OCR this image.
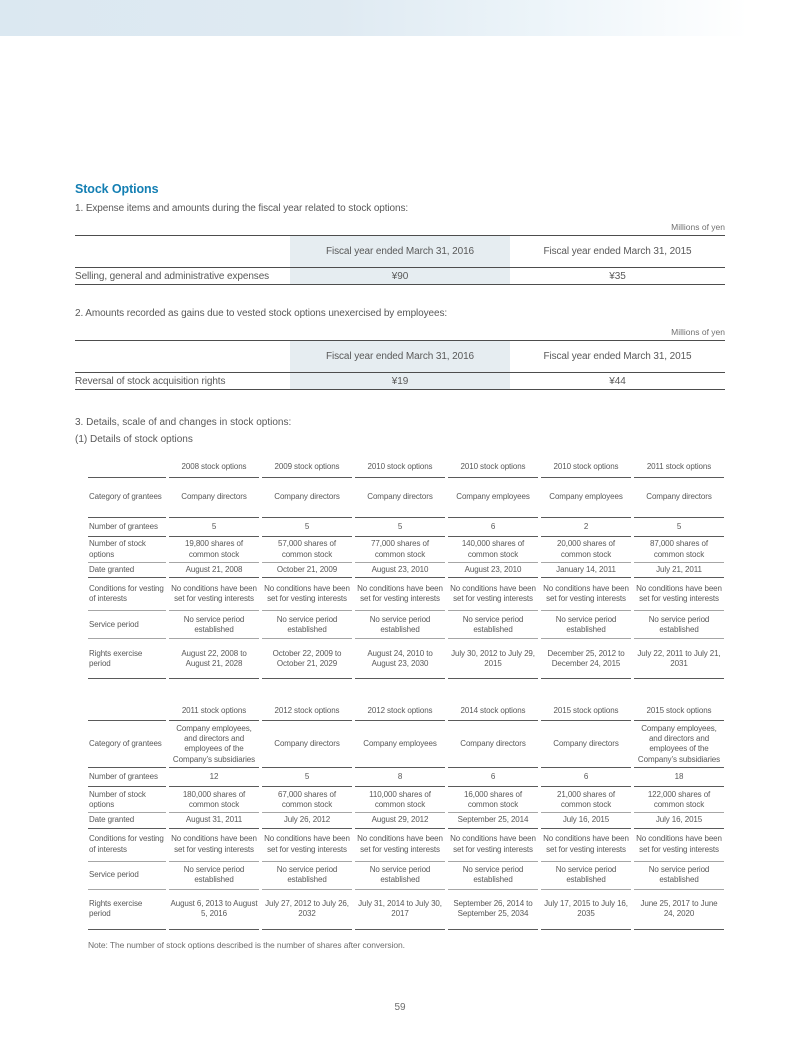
Stock Options

1. Expense items and amounts during the fiscal year related to stock options:

Millions of yen
	Fiscal year ended March 31, 2016	Fiscal year ended March 31, 2015
Selling, general and administrative expenses	¥90	¥35

2. Amounts recorded as gains due to vested stock options unexercised by employees:

Millions of yen
	Fiscal year ended March 31, 2016	Fiscal year ended March 31, 2015
Reversal of stock acquisition rights	¥19	¥44

3. Details, scale of and changes in stock options:

(1) Details of stock options

	2008 stock options	2009 stock options	2010 stock options	2010 stock options	2010 stock options	2011 stock options
Category of grantees	Company directors	Company directors	Company directors	Company employees	Company employees	Company directors
Number of grantees	5	5	5	6	2	5
Number of stock options	19,800 shares of common stock	57,000 shares of common stock	77,000 shares of common stock	140,000 shares of common stock	20,000 shares of common stock	87,000 shares of common stock
Date granted	August 21, 2008	October 21, 2009	August 23, 2010	August 23, 2010	January 14, 2011	July 21, 2011
Conditions for vesting of interests	No conditions have been set for vesting interests	No conditions have been set for vesting interests	No conditions have been set for vesting interests	No conditions have been set for vesting interests	No conditions have been set for vesting interests	No conditions have been set for vesting interests
Service period	No service period established	No service period established	No service period established	No service period established	No service period established	No service period established
Rights exercise period	August 22, 2008 to August 21, 2028	October 22, 2009 to October 21, 2029	August 24, 2010 to August 23, 2030	July 30, 2012 to July 29, 2015	December 25, 2012 to December 24, 2015	July 22, 2011 to July 21, 2031
	2011 stock options	2012 stock options	2012 stock options	2014 stock options	2015 stock options	2015 stock options
Category of grantees	Company employees, and directors and employees of the Company’s subsidiaries	Company directors	Company employees	Company directors	Company directors	Company employees, and directors and employees of the Company’s subsidiaries
Number of grantees	12	5	8	6	6	18
Number of stock options	180,000 shares of common stock	67,000 shares of common stock	110,000 shares of common stock	16,000 shares of common stock	21,000 shares of common stock	122,000 shares of common stock
Date granted	August 31, 2011	July 26, 2012	August 29, 2012	September 25, 2014	July 16, 2015	July 16, 2015
Conditions for vesting of interests	No conditions have been set for vesting interests	No conditions have been set for vesting interests	No conditions have been set for vesting interests	No conditions have been set for vesting interests	No conditions have been set for vesting interests	No conditions have been set for vesting interests
Service period	No service period established	No service period established	No service period established	No service period established	No service period established	No service period established
Rights exercise period	August 6, 2013 to August 5, 2016	July 27, 2012 to July 26, 2032	July 31, 2014 to July 30, 2017	September 26, 2014 to September 25, 2034	July 17, 2015 to July 16, 2035	June 25, 2017 to June 24, 2020

Note: The number of stock options described is the number of shares after conversion.

59
